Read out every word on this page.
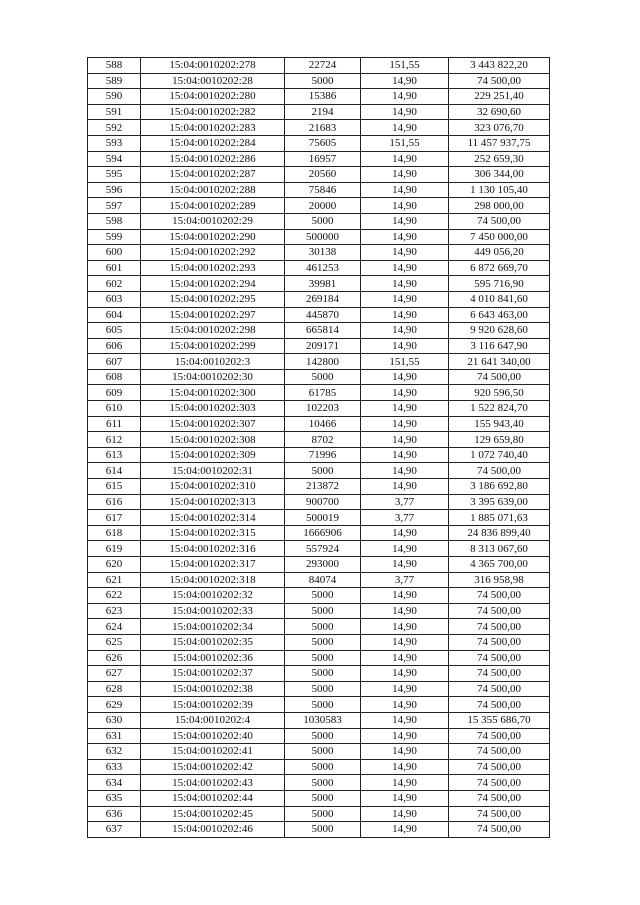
588	15:04:0010202:278	22724	151,55	3 443 822,20
589	15:04:0010202:28	5000	14,90	74 500,00
590	15:04:0010202:280	15386	14,90	229 251,40
591	15:04:0010202:282	2194	14,90	32 690,60
592	15:04:0010202:283	21683	14,90	323 076,70
593	15:04:0010202:284	75605	151,55	11 457 937,75
594	15:04:0010202:286	16957	14,90	252 659,30
595	15:04:0010202:287	20560	14,90	306 344,00
596	15:04:0010202:288	75846	14,90	1 130 105,40
597	15:04:0010202:289	20000	14,90	298 000,00
598	15:04:0010202:29	5000	14,90	74 500,00
599	15:04:0010202:290	500000	14,90	7 450 000,00
600	15:04:0010202:292	30138	14,90	449 056,20
601	15:04:0010202:293	461253	14,90	6 872 669,70
602	15:04:0010202:294	39981	14,90	595 716,90
603	15:04:0010202:295	269184	14,90	4 010 841,60
604	15:04:0010202:297	445870	14,90	6 643 463,00
605	15:04:0010202:298	665814	14,90	9 920 628,60
606	15:04:0010202:299	209171	14,90	3 116 647,90
607	15:04:0010202:3	142800	151,55	21 641 340,00
608	15:04:0010202:30	5000	14,90	74 500,00
609	15:04:0010202:300	61785	14,90	920 596,50
610	15:04:0010202:303	102203	14,90	1 522 824,70
611	15:04:0010202:307	10466	14,90	155 943,40
612	15:04:0010202:308	8702	14,90	129 659,80
613	15:04:0010202:309	71996	14,90	1 072 740,40
614	15:04:0010202:31	5000	14,90	74 500,00
615	15:04:0010202:310	213872	14,90	3 186 692,80
616	15:04:0010202:313	900700	3,77	3 395 639,00
617	15:04:0010202:314	500019	3,77	1 885 071,63
618	15:04:0010202:315	1666906	14,90	24 836 899,40
619	15:04:0010202:316	557924	14,90	8 313 067,60
620	15:04:0010202:317	293000	14,90	4 365 700,00
621	15:04:0010202:318	84074	3,77	316 958,98
622	15:04:0010202:32	5000	14,90	74 500,00
623	15:04:0010202:33	5000	14,90	74 500,00
624	15:04:0010202:34	5000	14,90	74 500,00
625	15:04:0010202:35	5000	14,90	74 500,00
626	15:04:0010202:36	5000	14,90	74 500,00
627	15:04:0010202:37	5000	14,90	74 500,00
628	15:04:0010202:38	5000	14,90	74 500,00
629	15:04:0010202:39	5000	14,90	74 500,00
630	15:04:0010202:4	1030583	14,90	15 355 686,70
631	15:04:0010202:40	5000	14,90	74 500,00
632	15:04:0010202:41	5000	14,90	74 500,00
633	15:04:0010202:42	5000	14,90	74 500,00
634	15:04:0010202:43	5000	14,90	74 500,00
635	15:04:0010202:44	5000	14,90	74 500,00
636	15:04:0010202:45	5000	14,90	74 500,00
637	15:04:0010202:46	5000	14,90	74 500,00
